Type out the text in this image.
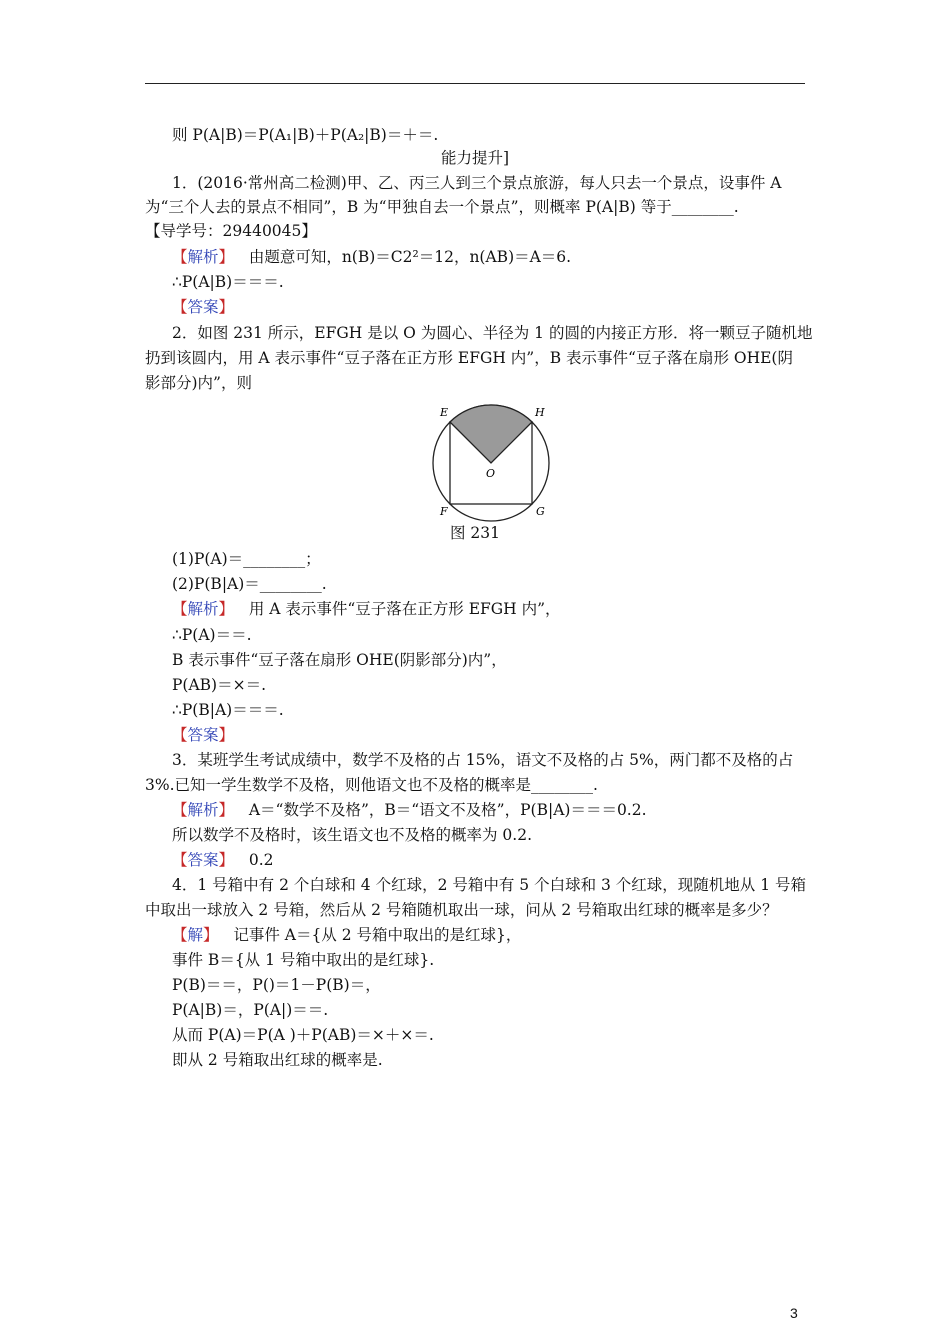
则 P(A|B)＝P(A₁|B)＋P(A₂|B)＝＋＝.
能力提升]
1．(2016·常州高二检测)甲、乙、丙三人到三个景点旅游，每人只去一个景点，设事件 A
为“三个人去的景点不相同”，B 为“甲独自去一个景点”，则概率 P(A|B) 等于________.
【导学号：29440045】
【解析】 由题意可知，n(B)＝C2²＝12，n(AB)＝A＝6.
∴P(A|B)＝＝＝.
【答案】
2．如图 231 所示，EFGH 是以 O 为圆心、半径为 1 的圆的内接正方形．将一颗豆子随机地
扔到该圆内，用 A 表示事件“豆子落在正方形 EFGH 内”，B 表示事件“豆子落在扇形 OHE(阴
影部分)内”，则
E	H
O
F	G
图 231
(1)P(A)＝________；
(2)P(B|A)＝________.
【解析】 用 A 表示事件“豆子落在正方形 EFGH 内”，
∴P(A)＝＝.
B 表示事件“豆子落在扇形 OHE(阴影部分)内”，
P(AB)＝×＝.
∴P(B|A)＝＝＝.
【答案】
3．某班学生考试成绩中，数学不及格的占 15%，语文不及格的占 5%，两门都不及格的占
3%.已知一学生数学不及格，则他语文也不及格的概率是________.
【解析】 A＝“数学不及格”，B＝“语文不及格”，P(B|A)＝＝＝0.2.
所以数学不及格时，该生语文也不及格的概率为 0.2.
【答案】 0.2
4．1 号箱中有 2 个白球和 4 个红球，2 号箱中有 5 个白球和 3 个红球，现随机地从 1 号箱
中取出一球放入 2 号箱，然后从 2 号箱随机取出一球，问从 2 号箱取出红球的概率是多少？
【解】 记事件 A＝{从 2 号箱中取出的是红球}，
事件 B＝{从 1 号箱中取出的是红球}.
P(B)＝＝，P()＝1－P(B)＝，
P(A|B)＝，P(A|)＝＝.
从而 P(A)＝P(A )＋P(AB)＝×＋×＝.
即从 2 号箱取出红球的概率是.
3
